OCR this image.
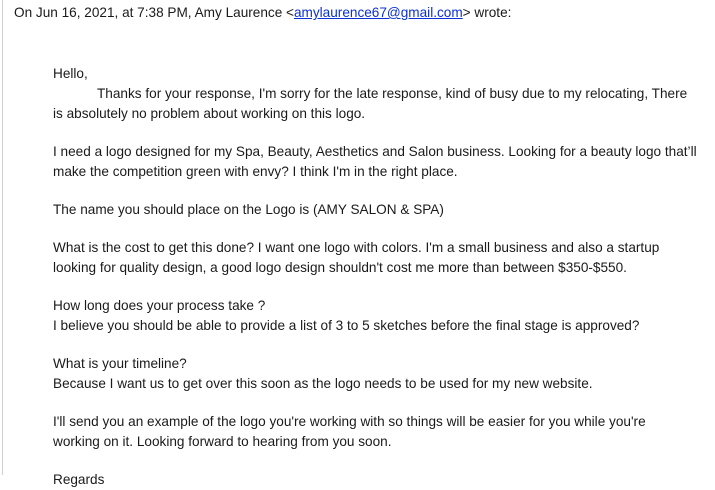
On Jun 16, 2021, at 7:38 PM, Amy Laurence <amylaurence67@gmail.com> wrote:
Hello,
Thanks for your response, I'm sorry for the late response, kind of busy due to my relocating, There
is absolutely no problem about working on this logo.
I need a logo designed for my Spa, Beauty, Aesthetics and Salon business. Looking for a beauty logo that’ll
make the competition green with envy? I think I'm in the right place.
The name you should place on the Logo is (AMY SALON & SPA)
What is the cost to get this done? I want one logo with colors. I'm a small business and also a startup
looking for quality design, a good logo design shouldn't cost me more than between $350-$550.
How long does your process take ?
I believe you should be able to provide a list of 3 to 5 sketches before the final stage is approved?
What is your timeline?
Because I want us to get over this soon as the logo needs to be used for my new website.
I'll send you an example of the logo you're working with so things will be easier for you while you're
working on it. Looking forward to hearing from you soon.
Regards
